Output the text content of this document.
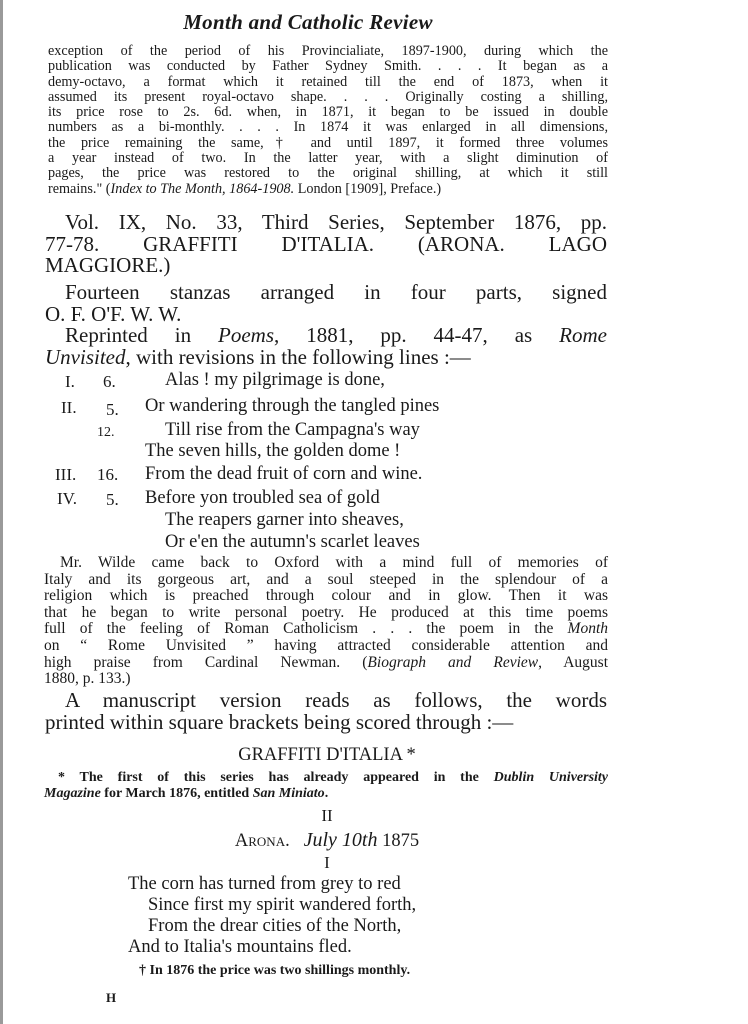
Month and Catholic Review
exception of the period of his Provincialiate, 1897-1900, during which the
publication was conducted by Father Sydney Smith. . . . It began as a
demy-octavo, a format which it retained till the end of 1873, when it
assumed its present royal-octavo shape. . . . Originally costing a shilling,
its price rose to 2s. 6d. when, in 1871, it began to be issued in double
numbers as a bi-monthly. . . . In 1874 it was enlarged in all dimensions,
the price remaining the same,† and until 1897, it formed three volumes
a year instead of two. In the latter year, with a slight diminution of
pages, the price was restored to the original shilling, at which it still
remains." (Index to The Month, 1864-1908. London [1909], Preface.)
Vol. IX, No. 33, Third Series, September 1876, pp.
77-78. GRAFFITI D'ITALIA. (ARONA. LAGO
MAGGIORE.)
Fourteen stanzas arranged in four parts, signed
O. F. O'F. W. W.
Reprinted in Poems, 1881, pp. 44-47, as Rome
Unvisited, with revisions in the following lines :—
I. 6.	Alas ! my pilgrimage is done,
II. 5. Or wandering through the tangled pines
12.	Till rise from the Campagna's way
The seven hills, the golden dome !
III. 16. From the dead fruit of corn and wine.
IV. 5. Before yon troubled sea of gold
The reapers garner into sheaves,
Or e'en the autumn's scarlet leaves
Mr. Wilde came back to Oxford with a mind full of memories of
Italy and its gorgeous art, and a soul steeped in the splendour of a
religion which is preached through colour and in glow. Then it was
that he began to write personal poetry. He produced at this time poems
full of the feeling of Roman Catholicism . . . the poem in the Month
on “ Rome Unvisited ” having attracted considerable attention and
high praise from Cardinal Newman. (Biograph and Review, August
1880, p. 133.)
A manuscript version reads as follows, the words
printed within square brackets being scored through :—
GRAFFITI D'ITALIA *
* The first of this series has already appeared in the Dublin University
Magazine for March 1876, entitled San Miniato.
II
Arona. July 10th 1875
I
The corn has turned from grey to red
Since first my spirit wandered forth,
From the drear cities of the North,
And to Italia's mountains fled.
† In 1876 the price was two shillings monthly.
H
